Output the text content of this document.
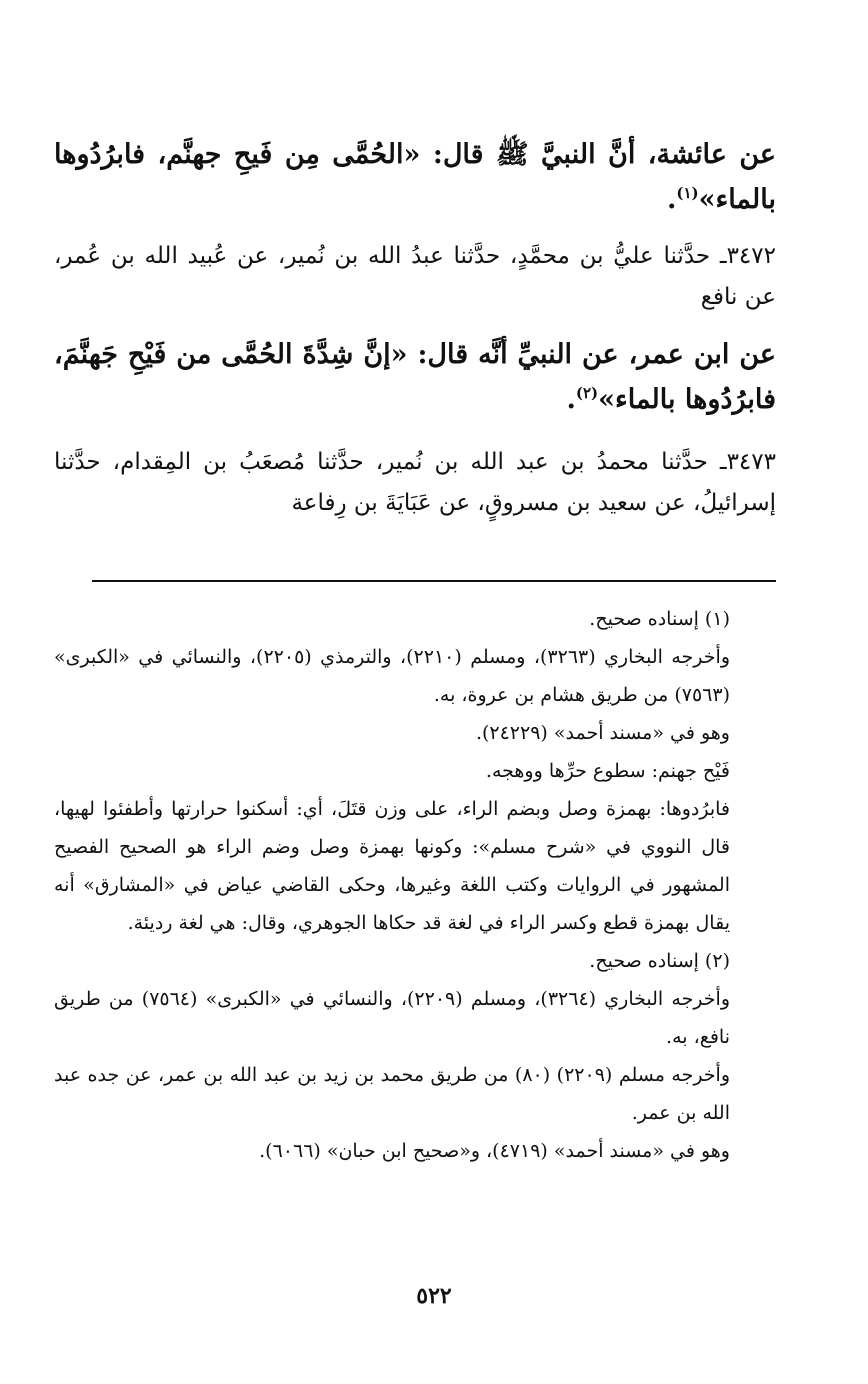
عن عائشة، أنَّ النبيَّ ﷺ قال: «الحُمَّى مِن فَيحِ جهنَّم، فابرُدُوها بالماء»$^{(١)}$.

٣٤٧٢ـ حدَّثنا عليُّ بن محمَّدٍ، حدَّثنا عبدُ الله بن نُمير، عن عُبيد الله بن عُمر، عن نافع

عن ابن عمر، عن النبيِّ أنَّه قال: «إنَّ شِدَّةَ الحُمَّى من فَيْحِ جَهنَّمَ، فابرُدُوها بالماء»$^{(٢)}$.

٣٤٧٣ـ حدَّثنا محمدُ بن عبد الله بن نُمير، حدَّثنا مُصعَبُ بن المِقدام، حدَّثنا إسرائيلُ، عن سعيد بن مسروقٍ، عن عَبَايَةَ بن رِفاعة

(١) إسناده صحيح.

وأخرجه البخاري (٣٢٦٣)، ومسلم (٢٢١٠)، والترمذي (٢٢٠٥)، والنسائي في «الكبرى» (٧٥٦٣) من طريق هشام بن عروة، به.

وهو في «مسند أحمد» (٢٤٢٢٩).

فَيْح جهنم: سطوع حرِّها ووهجه.

فابرُدوها: بهمزة وصل وبضم الراء، على وزن قتَلَ، أي: أسكنوا حرارتها وأطفئوا لهيها، قال النووي في «شرح مسلم»: وكونها بهمزة وصل وضم الراء هو الصحيح الفصيح المشهور في الروايات وكتب اللغة وغيرها، وحكى القاضي عياض في «المشارق» أنه يقال بهمزة قطع وكسر الراء في لغة قد حكاها الجوهري، وقال: هي لغة رديئة.

(٢) إسناده صحيح.

وأخرجه البخاري (٣٢٦٤)، ومسلم (٢٢٠٩)، والنسائي في «الكبرى» (٧٥٦٤) من طريق نافع، به.

وأخرجه مسلم (٢٢٠٩) (٨٠) من طريق محمد بن زيد بن عبد الله بن عمر، عن جده عبد الله بن عمر.

وهو في «مسند أحمد» (٤٧١٩)، و«صحيح ابن حبان» (٦٠٦٦).

٥٢٢
